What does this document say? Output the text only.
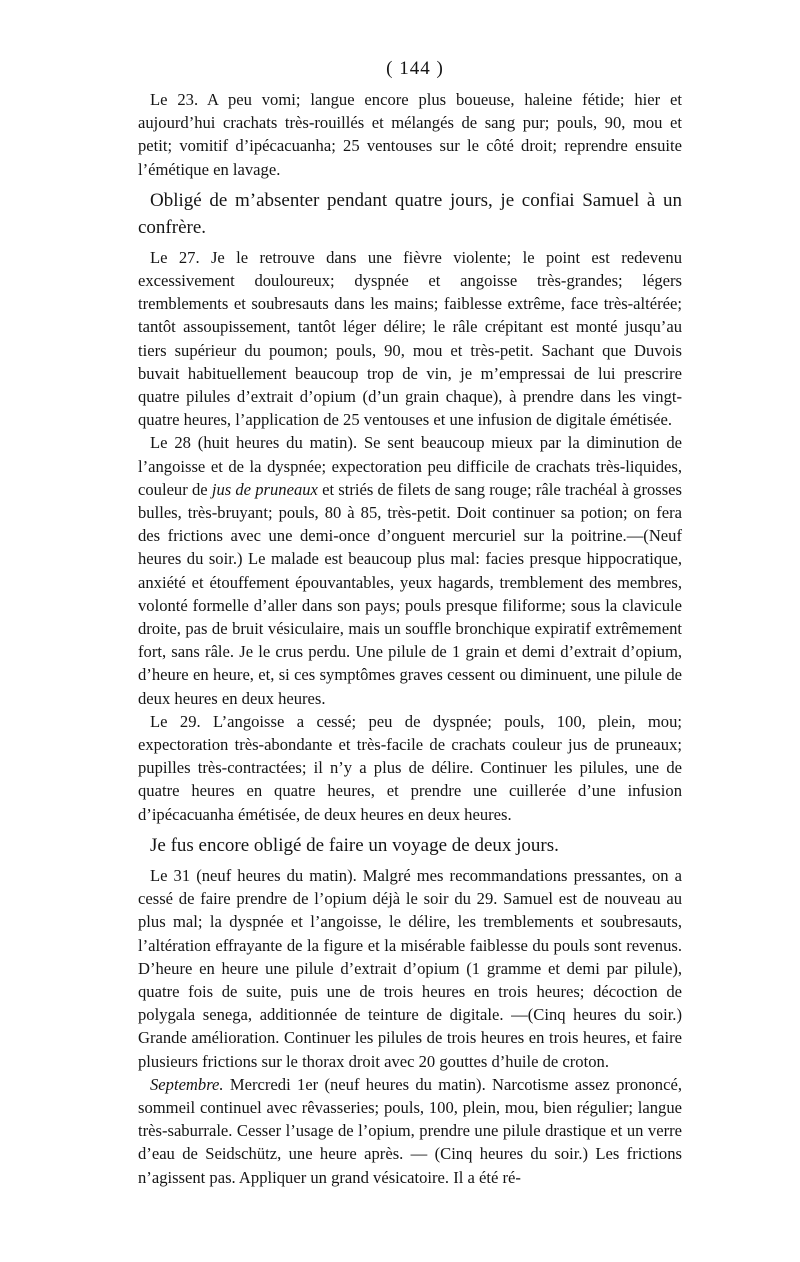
( 144 )

Le 23. A peu vomi; langue encore plus boueuse, haleine fétide; hier et aujourd’hui crachats très-rouillés et mélangés de sang pur; pouls, 90, mou et petit; vomitif d’ipécacuanha; 25 ventouses sur le côté droit; reprendre ensuite l’émétique en lavage.

Obligé de m’absenter pendant quatre jours, je confiai Samuel à un confrère.

Le 27. Je le retrouve dans une fièvre violente; le point est redevenu excessivement douloureux; dyspnée et angoisse très-grandes; légers tremblements et soubresauts dans les mains; faiblesse extrême, face très-altérée; tantôt assoupissement, tantôt léger délire; le râle crépitant est monté jusqu’au tiers supérieur du poumon; pouls, 90, mou et très-petit. Sachant que Duvois buvait habituellement beaucoup trop de vin, je m’empressai de lui prescrire quatre pilules d’extrait d’opium (d’un grain chaque), à prendre dans les vingt-quatre heures, l’application de 25 ventouses et une infusion de digitale émétisée.

Le 28 (huit heures du matin). Se sent beaucoup mieux par la diminution de l’angoisse et de la dyspnée; expectoration peu difficile de crachats très-liquides, couleur de jus de pruneaux et striés de filets de sang rouge; râle trachéal à grosses bulles, très-bruyant; pouls, 80 à 85, très-petit. Doit continuer sa potion; on fera des frictions avec une demi-once d’onguent mercuriel sur la poitrine.—(Neuf heures du soir.) Le malade est beaucoup plus mal: facies presque hippocratique, anxiété et étouffement épouvantables, yeux hagards, tremblement des membres, volonté formelle d’aller dans son pays; pouls presque filiforme; sous la clavicule droite, pas de bruit vésiculaire, mais un souffle bronchique expiratif extrêmement fort, sans râle. Je le crus perdu. Une pilule de 1 grain et demi d’extrait d’opium, d’heure en heure, et, si ces symptômes graves cessent ou diminuent, une pilule de deux heures en deux heures.

Le 29. L’angoisse a cessé; peu de dyspnée; pouls, 100, plein, mou; expectoration très-abondante et très-facile de crachats couleur jus de pruneaux; pupilles très-contractées; il n’y a plus de délire. Continuer les pilules, une de quatre heures en quatre heures, et prendre une cuillerée d’une infusion d’ipécacuanha émétisée, de deux heures en deux heures.

Je fus encore obligé de faire un voyage de deux jours.

Le 31 (neuf heures du matin). Malgré mes recommandations pressantes, on a cessé de faire prendre de l’opium déjà le soir du 29. Samuel est de nouveau au plus mal; la dyspnée et l’angoisse, le délire, les tremblements et soubresauts, l’altération effrayante de la figure et la misérable faiblesse du pouls sont revenus. D’heure en heure une pilule d’extrait d’opium (1 gramme et demi par pilule), quatre fois de suite, puis une de trois heures en trois heures; décoction de polygala senega, additionnée de teinture de digitale. —(Cinq heures du soir.) Grande amélioration. Continuer les pilules de trois heures en trois heures, et faire plusieurs frictions sur le thorax droit avec 20 gouttes d’huile de croton.

Septembre. Mercredi 1er (neuf heures du matin). Narcotisme assez prononcé, sommeil continuel avec rêvasseries; pouls, 100, plein, mou, bien régulier; langue très-saburrale. Cesser l’usage de l’opium, prendre une pilule drastique et un verre d’eau de Seidschütz, une heure après. — (Cinq heures du soir.) Les frictions n’agissent pas. Appliquer un grand vésicatoire. Il a été ré-
